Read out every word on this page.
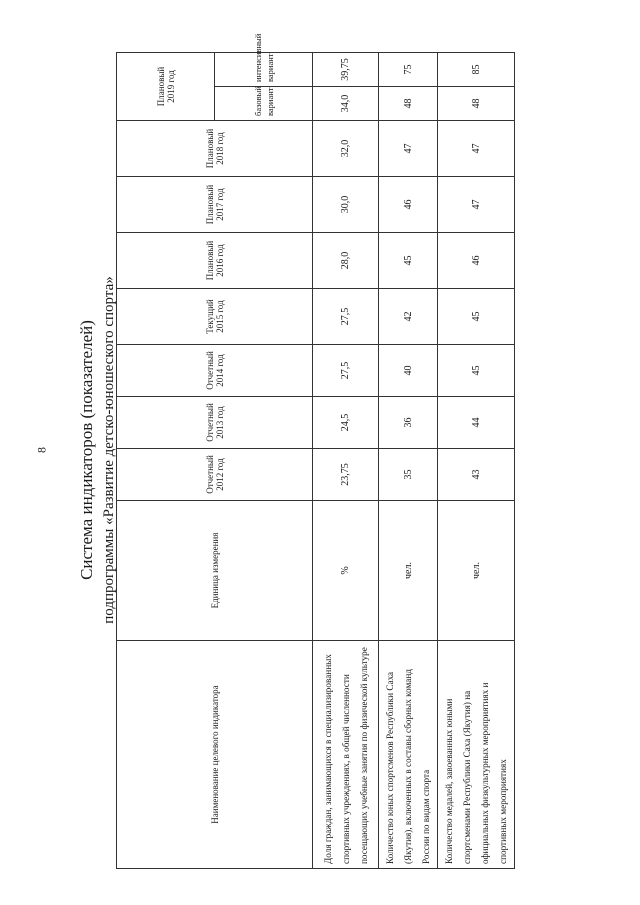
8 Система индикаторов (показателей) подпрограммы «Развитие детско-юношеского спорта»
Наименование целевого индикатора	Единица измерения	Отчетный 2012 год	Отчетный 2013 год	Отчетный 2014 год	Текущий 2015 год	Плановый 2016 год	Плановый 2017 год	Плановый 2018 год	Плановый 2019 год	
									базовый вариант	интенсивный вариант
Доля граждан, занимающихся в специализированных спортивных учреждениях, в общей численности посещающих учебные занятия по физической культуре	%	23,75	24,5	27,5	27,5	28,0	30,0	32,0	34,0	39,75
Количество юных спортсменов Республики Саха (Якутия), включенных в составы сборных команд России по видам спорта	чел.	35	36	40	42	45	46	47	48	75
Количество медалей, завоеванных юными спортсменами Республики Саха (Якутия) на официальных физкультурных мероприятиях и спортивных мероприятиях	чел.	43	44	45	45	46	47	47	48	85
